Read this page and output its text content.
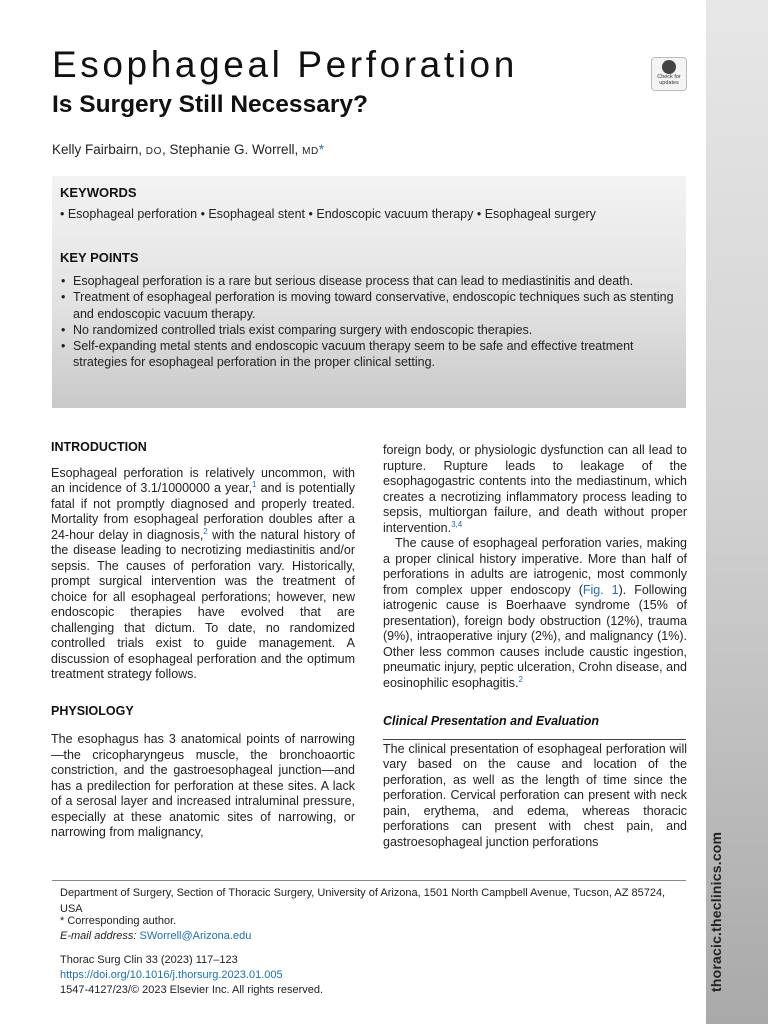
Esophageal Perforation
Is Surgery Still Necessary?
Check for
updates
Kelly Fairbairn, DO, Stephanie G. Worrell, MD*
KEYWORDS
• Esophageal perforation • Esophageal stent • Endoscopic vacuum therapy • Esophageal surgery
KEY POINTS
• Esophageal perforation is a rare but serious disease process that can lead to mediastinitis and death.
• Treatment of esophageal perforation is moving toward conservative, endoscopic techniques such as stenting and endoscopic vacuum therapy.
• No randomized controlled trials exist comparing surgery with endoscopic therapies.
• Self-expanding metal stents and endoscopic vacuum therapy seem to be safe and effective treatment strategies for esophageal perforation in the proper clinical setting.
INTRODUCTION

Esophageal perforation is relatively uncommon, with an incidence of 3.1/1000000 a year,$^1$ and is potentially fatal if not promptly diagnosed and properly treated. Mortality from esophageal perforation doubles after a 24-hour delay in diagnosis,$^2$ with the natural history of the disease leading to necrotizing mediastinitis and/or sepsis. The causes of perforation vary. Historically, prompt surgical intervention was the treatment of choice for all esophageal perforations; however, new endoscopic therapies have evolved that are challenging that dictum. To date, no randomized controlled trials exist to guide management. A discussion of esophageal perforation and the optimum treatment strategy follows.

PHYSIOLOGY

The esophagus has 3 anatomical points of narrowing—the cricopharyngeus muscle, the bronchoaortic constriction, and the gastroesophageal junction—and has a predilection for perforation at these sites. A lack of a serosal layer and increased intraluminal pressure, especially at these anatomic sites of narrowing, or narrowing from malignancy,

foreign body, or physiologic dysfunction can all lead to rupture. Rupture leads to leakage of the esophagogastric contents into the mediastinum, which creates a necrotizing inflammatory process leading to sepsis, multiorgan failure, and death without proper intervention.$^{3,4}$

The cause of esophageal perforation varies, making a proper clinical history imperative. More than half of perforations in adults are iatrogenic, most commonly from complex upper endoscopy (Fig. 1). Following iatrogenic cause is Boerhaave syndrome (15% of presentation), foreign body obstruction (12%), trauma (9%), intraoperative injury (2%), and malignancy (1%). Other less common causes include caustic ingestion, pneumatic injury, peptic ulceration, Crohn disease, and eosinophilic esophagitis.$^2$

Clinical Presentation and Evaluation

The clinical presentation of esophageal perforation will vary based on the cause and location of the perforation, as well as the length of time since the perforation. Cervical perforation can present with neck pain, erythema, and edema, whereas thoracic perforations can present with chest pain, and gastroesophageal junction perforations

Department of Surgery, Section of Thoracic Surgery, University of Arizona, 1501 North Campbell Avenue, Tucson, AZ 85724, USA
* Corresponding author.
E-mail address: SWorrell@Arizona.edu
Thorac Surg Clin 33 (2023) 117–123
https://doi.org/10.1016/j.thorsurg.2023.01.005
1547-4127/23/© 2023 Elsevier Inc. All rights reserved.	thoracic.theclinics.com
